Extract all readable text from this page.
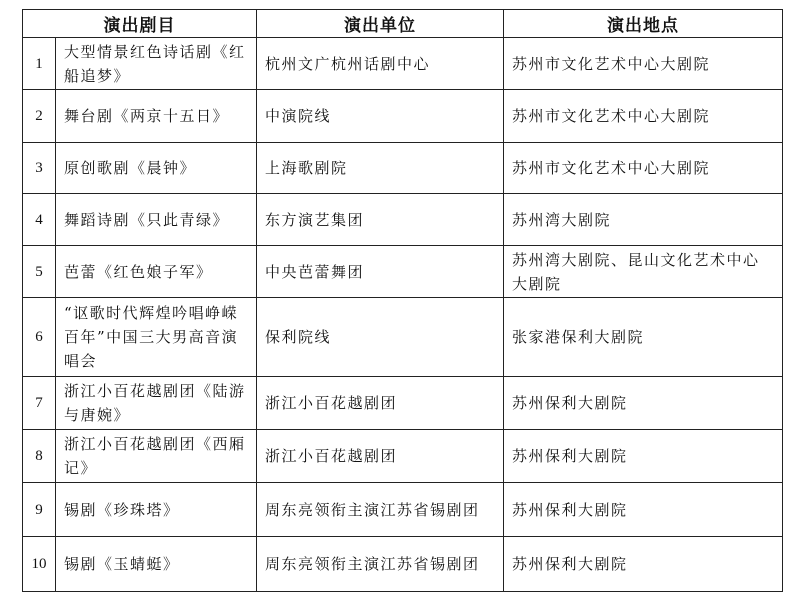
演出剧目		演出单位	演出地点
1	大型情景红色诗话剧《红船追梦》	杭州文广杭州话剧中心	苏州市文化艺术中心大剧院
2	舞台剧《两京十五日》	中演院线	苏州市文化艺术中心大剧院
3	原创歌剧《晨钟》	上海歌剧院	苏州市文化艺术中心大剧院
4	舞蹈诗剧《只此青绿》	东方演艺集团	苏州湾大剧院
5	芭蕾《红色娘子军》	中央芭蕾舞团	苏州湾大剧院、昆山文化艺术中心大剧院
6	“讴歌时代辉煌吟唱峥嵘百年”中国三大男高音演唱会	保利院线	张家港保利大剧院
7	浙江小百花越剧团《陆游与唐婉》	浙江小百花越剧团	苏州保利大剧院
8	浙江小百花越剧团《西厢记》	浙江小百花越剧团	苏州保利大剧院
9	锡剧《珍珠塔》	周东亮领衔主演江苏省锡剧团	苏州保利大剧院
10	锡剧《玉蜻蜓》	周东亮领衔主演江苏省锡剧团	苏州保利大剧院
